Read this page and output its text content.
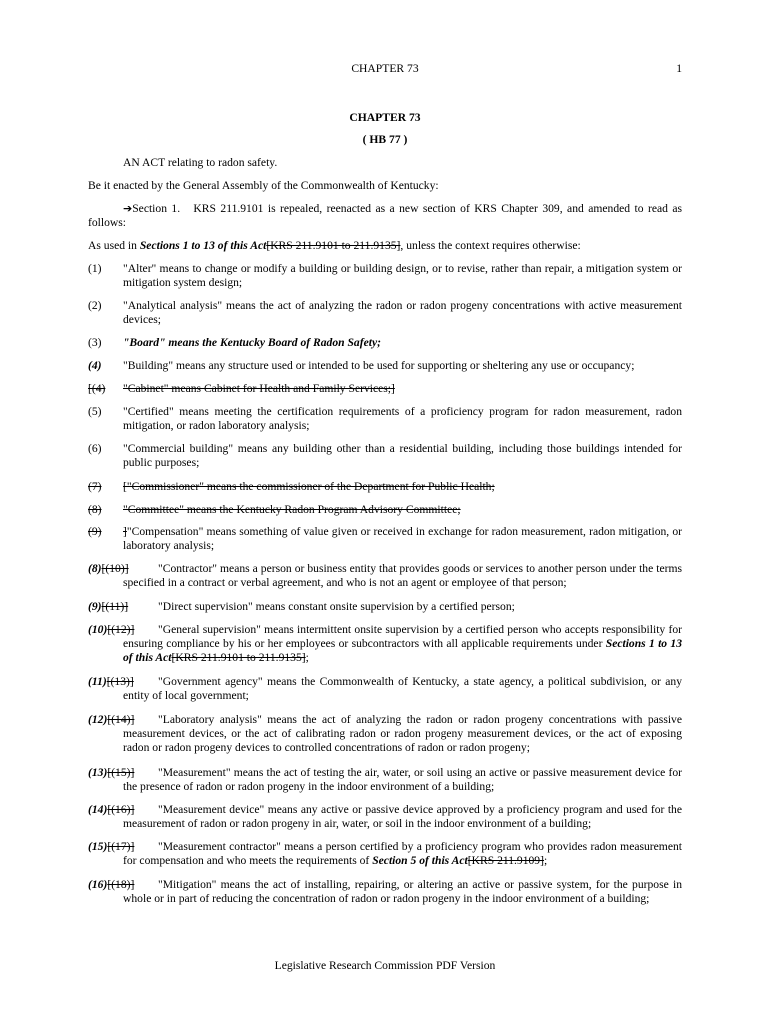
CHAPTER 73	1
CHAPTER 73
( HB 77 )
AN ACT relating to radon safety.
Be it enacted by the General Assembly of the Commonwealth of Kentucky:
➔Section 1. KRS 211.9101 is repealed, reenacted as a new section of KRS Chapter 309, and amended to read as follows:
As used in Sections 1 to 13 of this Act[KRS 211.9101 to 211.9135], unless the context requires otherwise:
(1) "Alter" means to change or modify a building or building design, or to revise, rather than repair, a mitigation system or mitigation system design;
(2) "Analytical analysis" means the act of analyzing the radon or radon progeny concentrations with active measurement devices;
(3) "Board" means the Kentucky Board of Radon Safety;
(4) "Building" means any structure used or intended to be used for supporting or sheltering any use or occupancy;
[(4) "Cabinet" means Cabinet for Health and Family Services;]
(5) "Certified" means meeting the certification requirements of a proficiency program for radon measurement, radon mitigation, or radon laboratory analysis;
(6) "Commercial building" means any building other than a residential building, including those buildings intended for public purposes;
(7) ["Commissioner" means the commissioner of the Department for Public Health;
(8) "Committee" means the Kentucky Radon Program Advisory Committee;
(9) ]"Compensation" means something of value given or received in exchange for radon measurement, radon mitigation, or laboratory analysis;
(8)[(10)]	"Contractor" means a person or business entity that provides goods or services to another person under the terms specified in a contract or verbal agreement, and who is not an agent or employee of that person;
(9)[(11)]	"Direct supervision" means constant onsite supervision by a certified person;
(10)[(12)]	"General supervision" means intermittent onsite supervision by a certified person who accepts responsibility for ensuring compliance by his or her employees or subcontractors with all applicable requirements under Sections 1 to 13 of this Act[KRS 211.9101 to 211.9135];
(11)[(13)]	"Government agency" means the Commonwealth of Kentucky, a state agency, a political subdivision, or any entity of local government;
(12)[(14)]	"Laboratory analysis" means the act of analyzing the radon or radon progeny concentrations with passive measurement devices, or the act of calibrating radon or radon progeny measurement devices, or the act of exposing radon or radon progeny devices to controlled concentrations of radon or radon progeny;
(13)[(15)]	"Measurement" means the act of testing the air, water, or soil using an active or passive measurement device for the presence of radon or radon progeny in the indoor environment of a building;
(14)[(16)]	"Measurement device" means any active or passive device approved by a proficiency program and used for the measurement of radon or radon progeny in air, water, or soil in the indoor environment of a building;
(15)[(17)]	"Measurement contractor" means a person certified by a proficiency program who provides radon measurement for compensation and who meets the requirements of Section 5 of this Act[KRS 211.9109];
(16)[(18)]	"Mitigation" means the act of installing, repairing, or altering an active or passive system, for the purpose in whole or in part of reducing the concentration of radon or radon progeny in the indoor environment of a building;
Legislative Research Commission PDF Version
